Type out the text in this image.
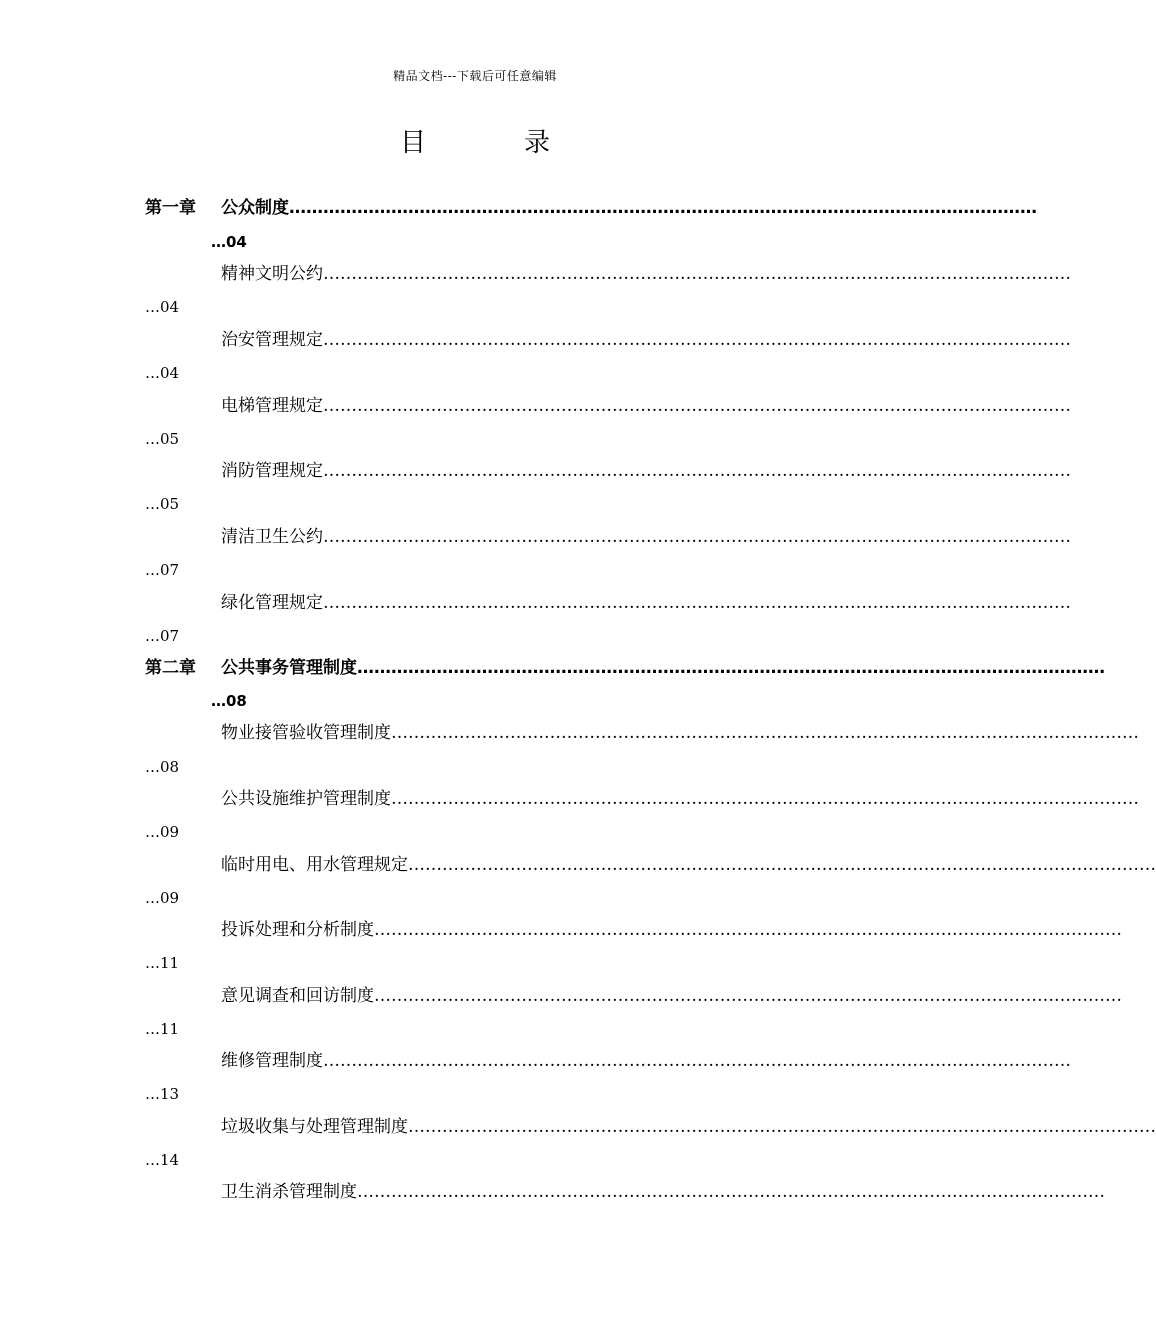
精品文档---下载后可任意编辑
目　录
第一章 公众制度……………………………………………………………………………………………………………………
…04
精神文明公约……………………………………………………………………………………………………………………
…04
治安管理规定……………………………………………………………………………………………………………………
…04
电梯管理规定……………………………………………………………………………………………………………………
…05
消防管理规定……………………………………………………………………………………………………………………
…05
清洁卫生公约……………………………………………………………………………………………………………………
…07
绿化管理规定……………………………………………………………………………………………………………………
…07
第二章 公共事务管理制度……………………………………………………………………………………………………………………
…08
物业接管验收管理制度……………………………………………………………………………………………………………………
…08
公共设施维护管理制度……………………………………………………………………………………………………………………
…09
临时用电、用水管理规定……………………………………………………………………………………………………………………
…09
投诉处理和分析制度……………………………………………………………………………………………………………………
…11
意见调查和回访制度……………………………………………………………………………………………………………………
…11
维修管理制度……………………………………………………………………………………………………………………
…13
垃圾收集与处理管理制度……………………………………………………………………………………………………………………
…14
卫生消杀管理制度……………………………………………………………………………………………………………………
